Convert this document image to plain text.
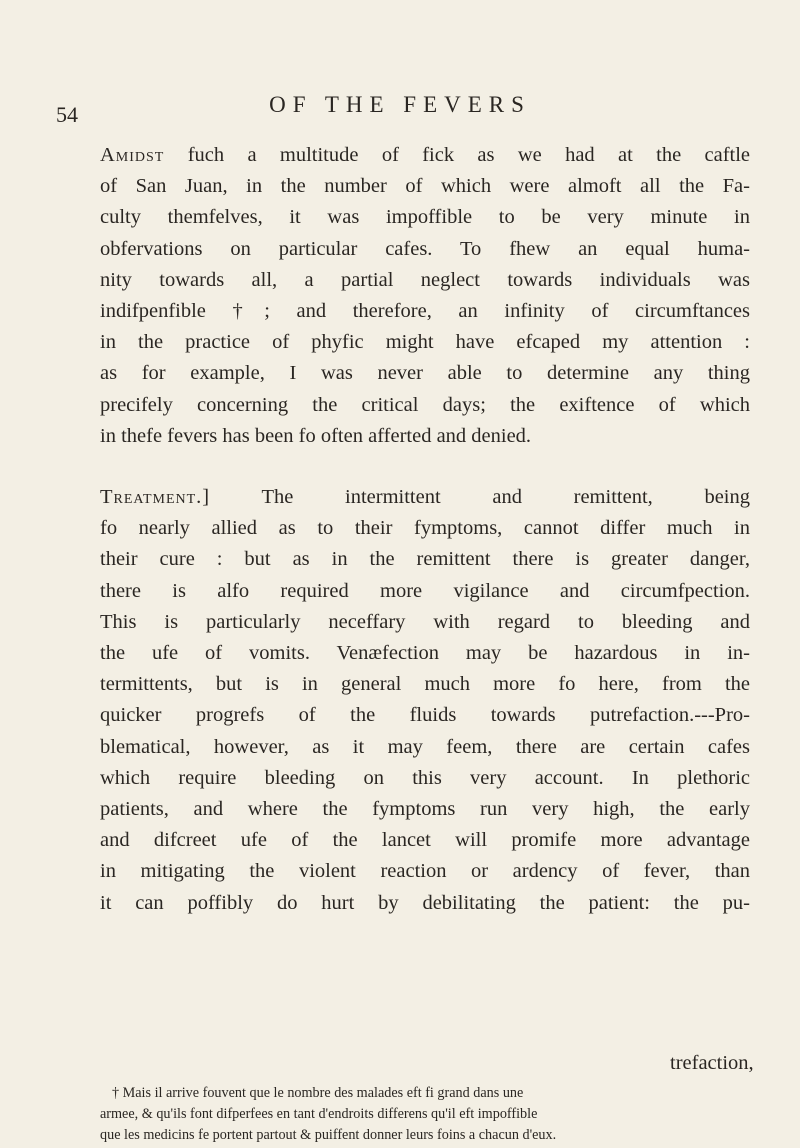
54	OF THE FEVERS

Amidst fuch a multitude of fick as we had at the caftle
of San Juan, in the number of which were almoft all the Fa-
culty themfelves, it was impoffible to be very minute in
obfervations on particular cafes. To fhew an equal huma-
nity towards all, a partial neglect towards individuals was
indifpenfible †; and therefore, an infinity of circumftances
in the practice of phyfic might have efcaped my attention :
as for example, I was never able to determine any thing
precifely concerning the critical days; the exiftence of which
in thefe fevers has been fo often afferted and denied.

Treatment.]	The intermittent and remittent, being
fo nearly allied as to their fymptoms, cannot differ much in
their cure : but as in the remittent there is greater danger,
there is alfo required more vigilance and circumfpection.
This is particularly neceffary with regard to bleeding and
the ufe of vomits. Venæfection may be hazardous in in-
termittents, but is in general much more fo here, from the
quicker progrefs of the fluids towards putrefaction.---Pro-
blematical, however, as it may feem, there are certain cafes
which require bleeding on this very account. In plethoric
patients, and where the fymptoms run very high, the early
and difcreet ufe of the lancet will promife more advantage
in mitigating the violent reaction or ardency of fever, than
it can poffibly do hurt by debilitating the patient: the pu-

trefaction,
† Mais il arrive fouvent que le nombre des malades eft fi grand dans une
armee, & qu'ils font difperfees en tant d'endroits differens qu'il eft impoffible
que les medicins fe portent partout & puiffent donner leurs foins a chacun d'eux.
